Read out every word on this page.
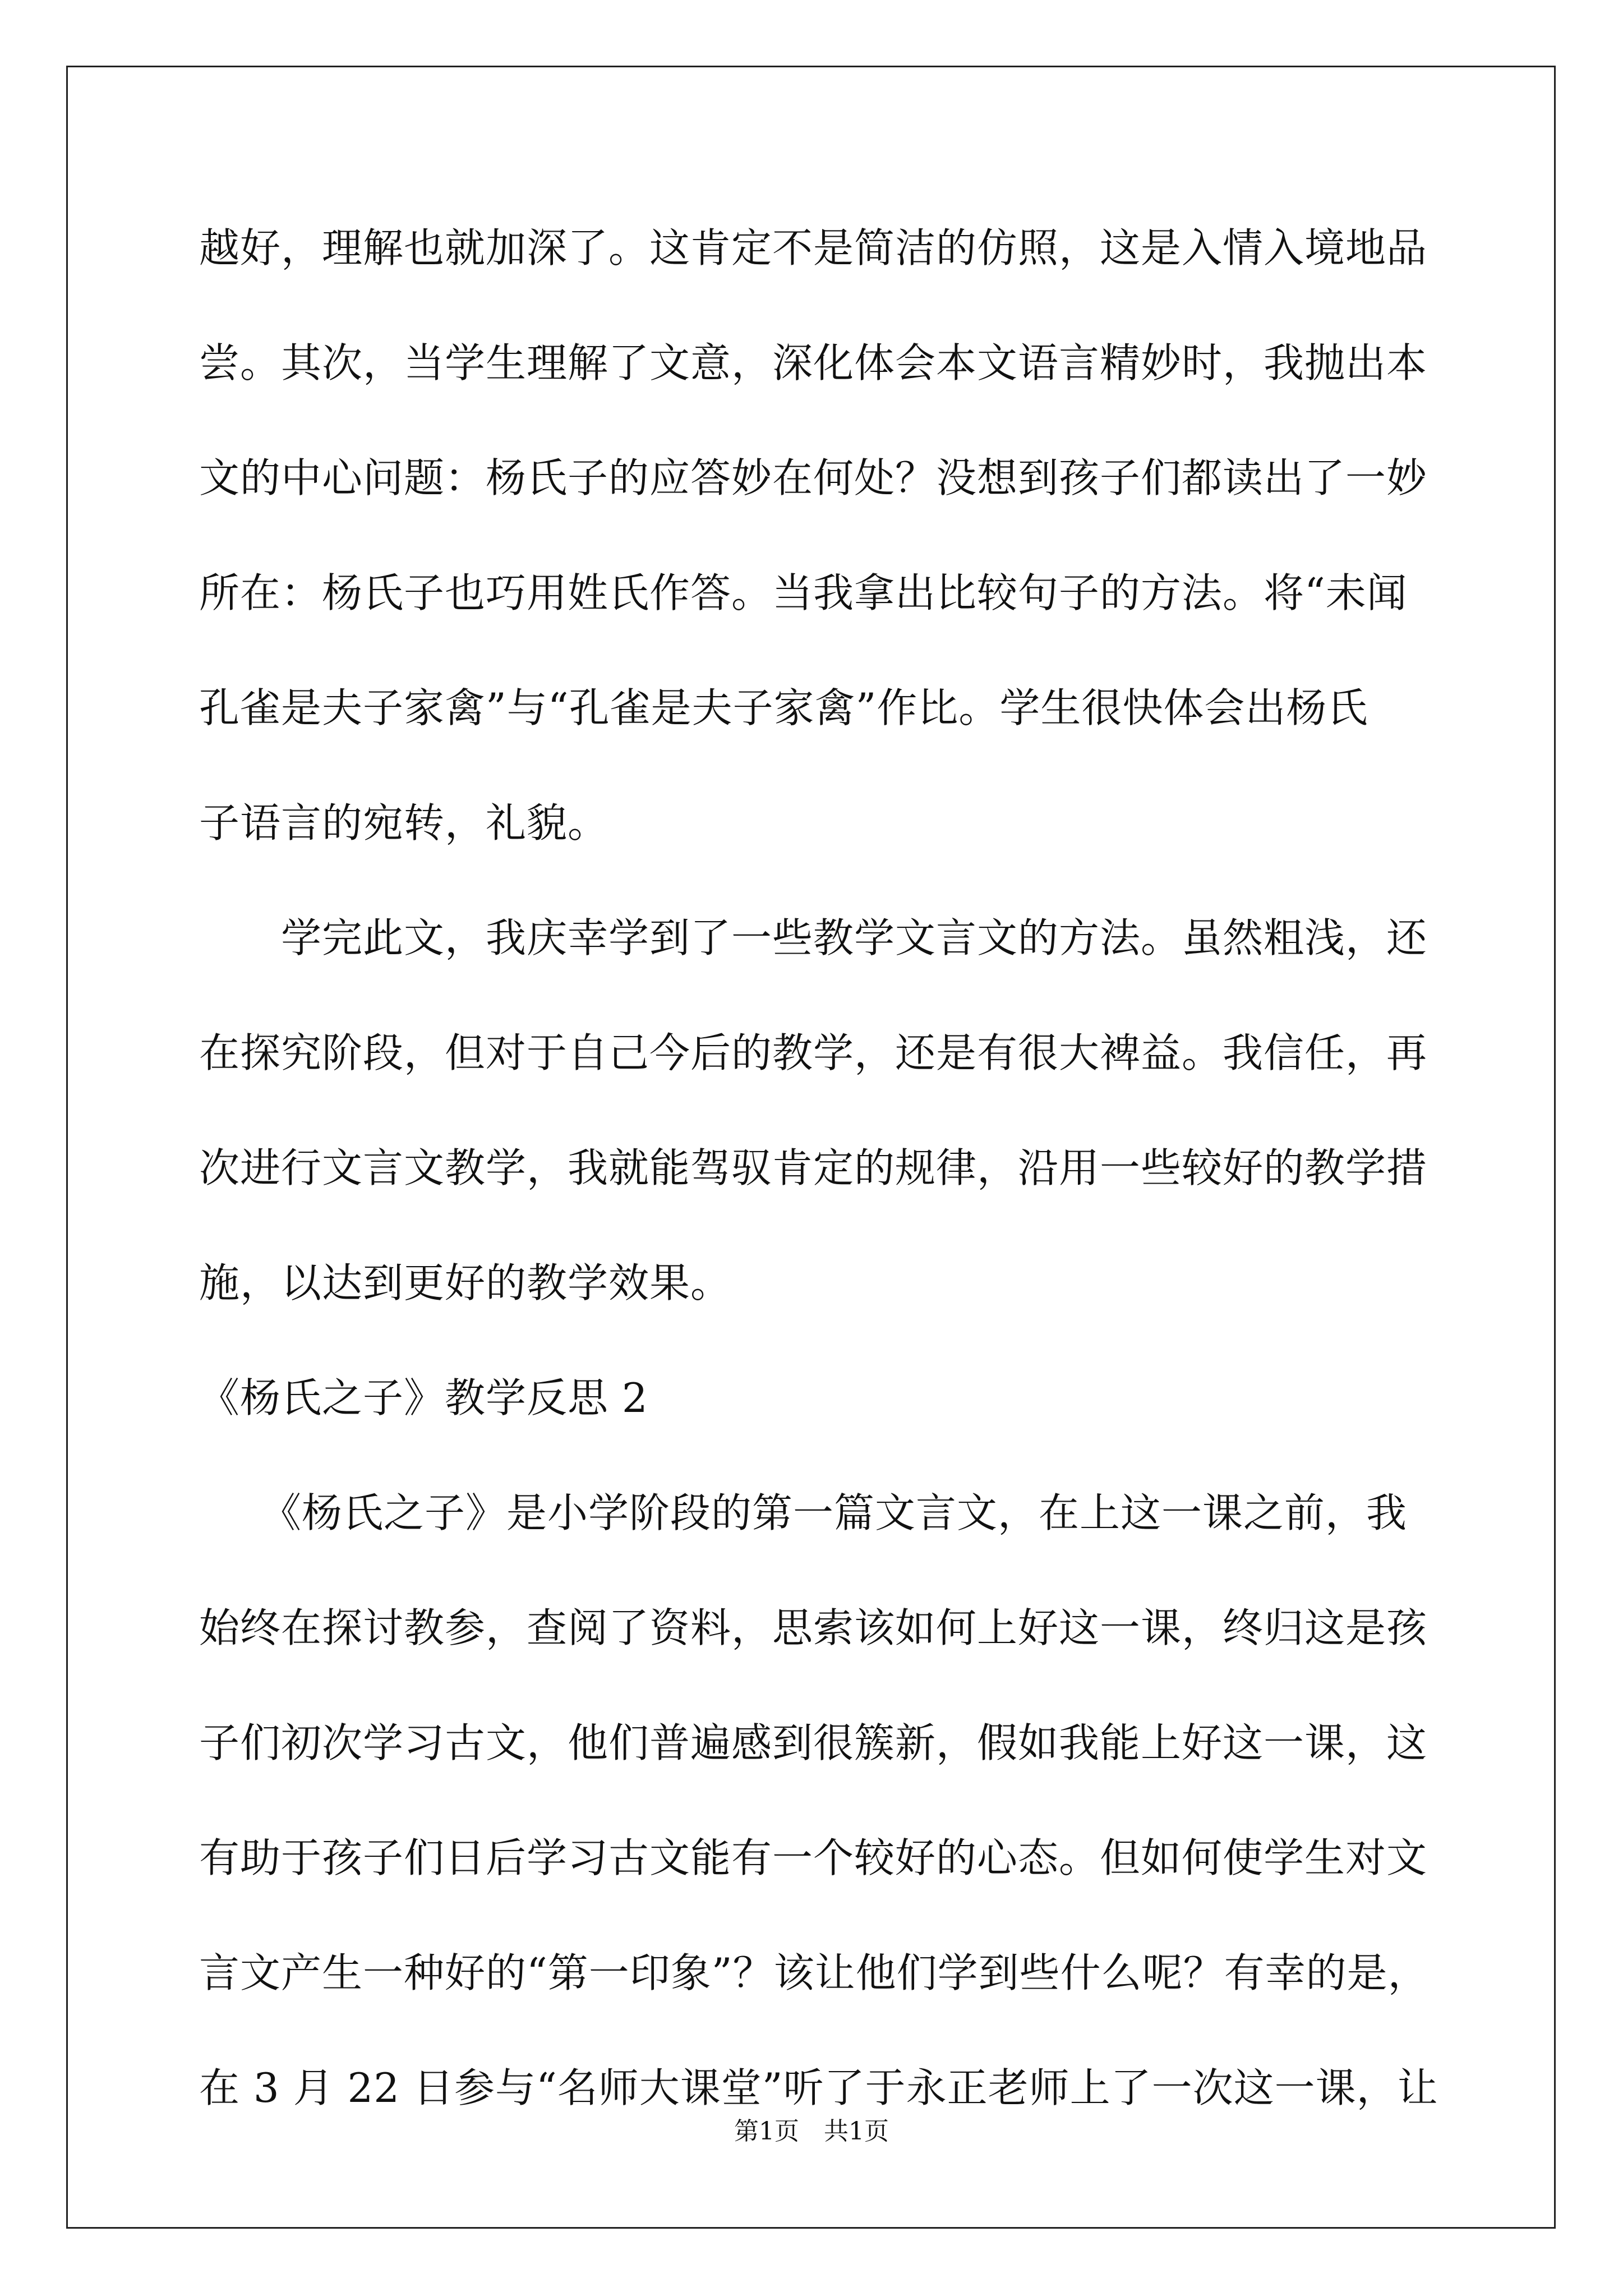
越好，理解也就加深了。这肯定不是简洁的仿照，这是入情入境地品
尝。其次，当学生理解了文意，深化体会本文语言精妙时，我抛出本
文的中心问题：杨氏子的应答妙在何处？没想到孩子们都读出了一妙
所在：杨氏子也巧用姓氏作答。当我拿出比较句子的方法。将“未闻
孔雀是夫子家禽”与“孔雀是夫子家禽”作比。学生很快体会出杨氏
子语言的宛转，礼貌。
　　学完此文，我庆幸学到了一些教学文言文的方法。虽然粗浅，还
在探究阶段，但对于自己今后的教学，还是有很大裨益。我信任，再
次进行文言文教学，我就能驾驭肯定的规律，沿用一些较好的教学措
施，以达到更好的教学效果。
《杨氏之子》教学反思 2
　　《杨氏之子》是小学阶段的第一篇文言文，在上这一课之前，我
始终在探讨教参，查阅了资料，思索该如何上好这一课，终归这是孩
子们初次学习古文，他们普遍感到很簇新，假如我能上好这一课，这
有助于孩子们日后学习古文能有一个较好的心态。但如何使学生对文
言文产生一种好的“第一印象”？该让他们学到些什么呢？有幸的是，
在 3 月 22 日参与“名师大课堂”听了于永正老师上了一次这一课，让
第1页　共1页
